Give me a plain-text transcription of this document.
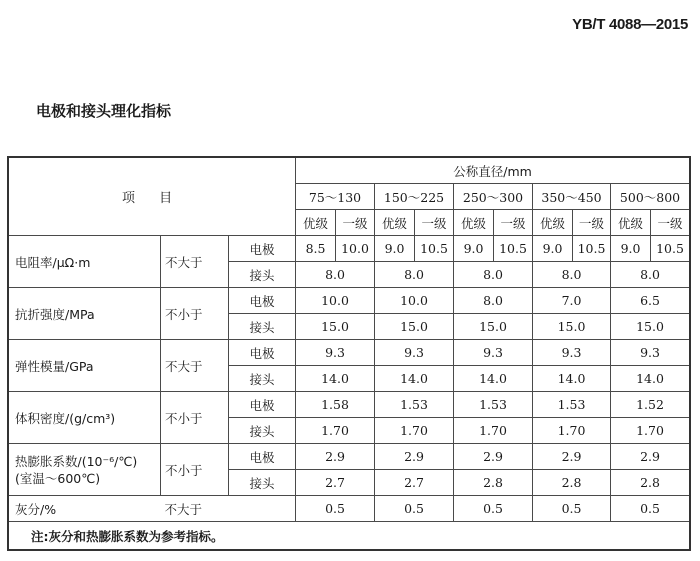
YB/T 4088—2015
电极和接头理化指标
项 目			公称直径/mm									
			75～130		150～225		250～300		350～450		500～800	
			优级	一级	优级	一级	优级	一级	优级	一级	优级	一级
电阻率/μΩ·m	不大于	电极	8.5	10.0	9.0	10.5	9.0	10.5	9.0	10.5	9.0	10.5
		接头	8.0		8.0		8.0		8.0		8.0	
抗折强度/MPa	不小于	电极	10.0		10.0		8.0		7.0		6.5	
		接头	15.0		15.0		15.0		15.0		15.0	
弹性模量/GPa	不大于	电极	9.3		9.3		9.3		9.3		9.3	
		接头	14.0		14.0		14.0		14.0		14.0	
体积密度/(g/cm³)	不小于	电极	1.58		1.53		1.53		1.53		1.52	
		接头	1.70		1.70		1.70		1.70		1.70	

热膨胀系数/(10⁻⁶/℃)
(室温～600℃)	不小于	电极	2.9		2.9		2.9		2.9		2.9	
		接头	2.7		2.7		2.8		2.8		2.8	
灰分/%	不大于		0.5		0.5		0.5		0.5		0.5	
注:灰分和热膨胀系数为参考指标。												
